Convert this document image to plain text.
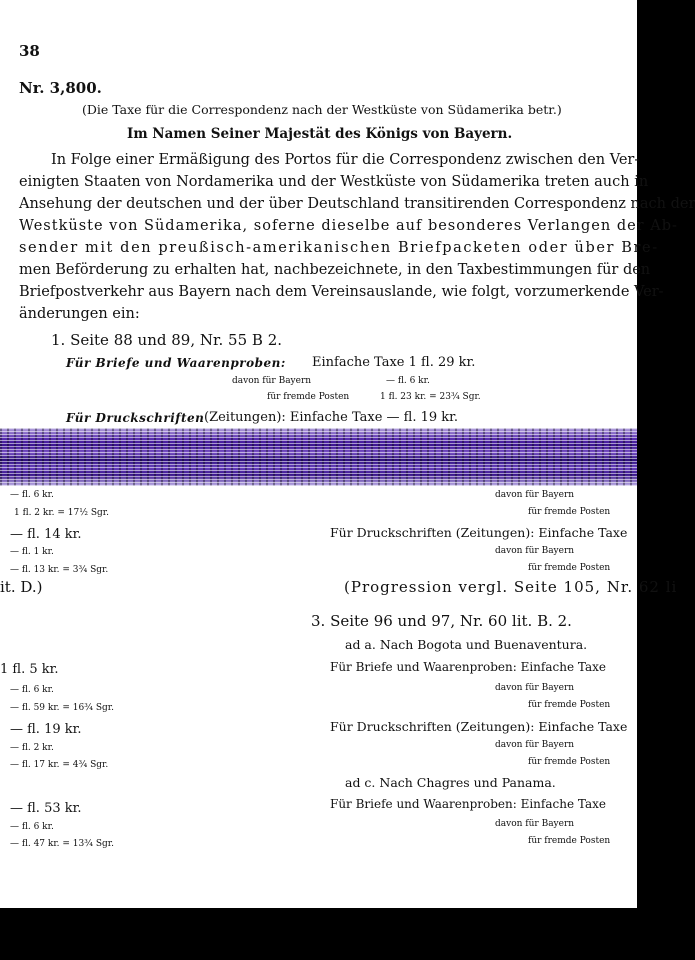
38
Nr. 3,800.
(Die Taxe für die Correspondenz nach der Westküste von Südamerika betr.)
Im Namen Seiner Majestät des Königs von Bayern.
In Folge einer Ermäßigung des Portos für die Correspondenz zwischen den Ver-
einigten Staaten von Nordamerika und der Westküste von Südamerika treten auch in
Ansehung der deutschen und der über Deutschland transitirenden Correspondenz nach der
Westküste von Südamerika, soferne dieselbe auf besonderes Verlangen der Ab-
sender mit den preußisch-amerikanischen Briefpacketen oder über Bre-
men Beförderung zu erhalten hat, nachbezeichnete, in den Taxbestimmungen für den
Briefpostverkehr aus Bayern nach dem Vereinsauslande, wie folgt, vorzumerkende Ver-
änderungen ein:
1. Seite 88 und 89, Nr. 55 B 2.
Für Briefe und Waarenproben: Einfache Taxe 1 fl. 29 kr.
davon für Bayern	— fl. 6 kr.
für fremde Posten	1 fl. 23 kr. = 23¾ Sgr.
Für Druckschriften (Zeitungen): Einfache Taxe — fl. 19 kr.
— fl. 6 kr.
1 fl. 2 kr. = 17½ Sgr.
— fl. 14 kr.
— fl. 1 kr.
— fl. 13 kr. = 3¾ Sgr.
it. D.)
1 fl. 5 kr.
— fl. 6 kr.
— fl. 59 kr. = 16¾ Sgr.
— fl. 19 kr.
— fl. 2 kr.
— fl. 17 kr. = 4¾ Sgr.
— fl. 53 kr.
— fl. 6 kr.
— fl. 47 kr. = 13¾ Sgr.
davon für Bayern
für fremde Posten
Für Druckschriften (Zeitungen): Einfache Taxe
davon für Bayern
für fremde Posten
(Progression vergl. Seite 105, Nr. 62 li
3. Seite 96 und 97, Nr. 60 lit. B. 2.
ad a. Nach Bogota und Buenaventura.
Für Briefe und Waarenproben: Einfache Taxe
davon für Bayern
für fremde Posten
Für Druckschriften (Zeitungen): Einfache Taxe
davon für Bayern
für fremde Posten
ad c. Nach Chagres und Panama.
Für Briefe und Waarenproben: Einfache Taxe
davon für Bayern
für fremde Posten
